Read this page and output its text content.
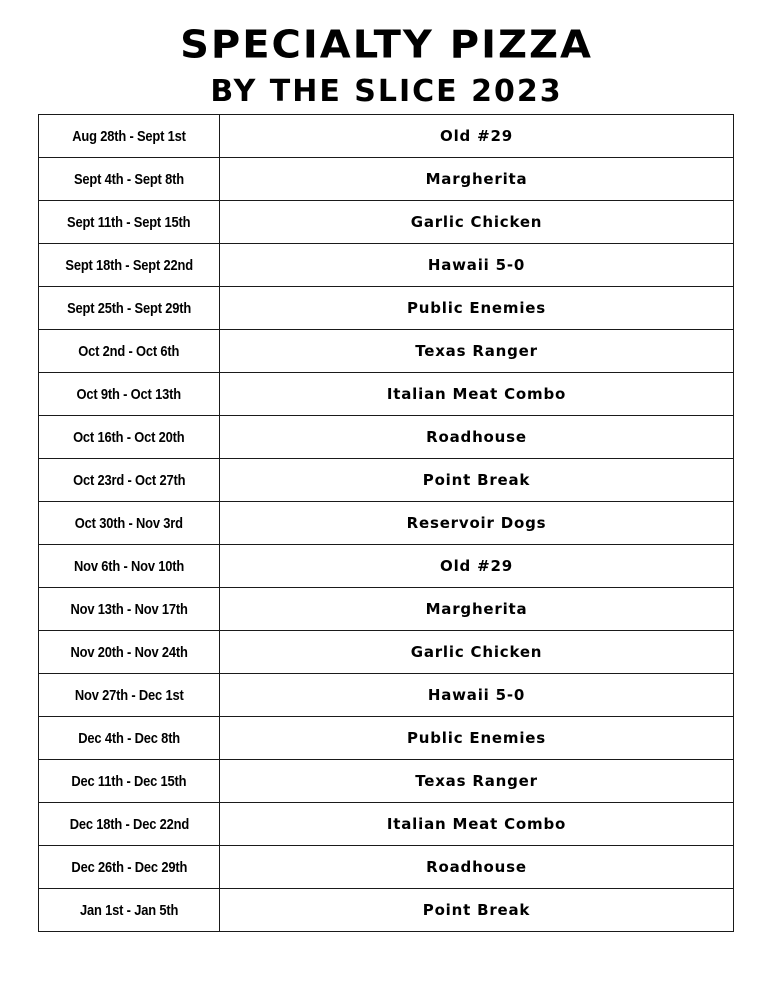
SPECIALTY PIZZA
BY THE SLICE 2023
Aug 28th - Sept 1st	Old #29
Sept 4th - Sept 8th	Margherita
Sept 11th - Sept 15th	Garlic Chicken
Sept 18th - Sept 22nd	Hawaii 5-0
Sept 25th - Sept 29th	Public Enemies
Oct 2nd - Oct 6th	Texas Ranger
Oct 9th - Oct 13th	Italian Meat Combo
Oct 16th - Oct 20th	Roadhouse
Oct 23rd - Oct 27th	Point Break
Oct 30th - Nov 3rd	Reservoir Dogs
Nov 6th - Nov 10th	Old #29
Nov 13th - Nov 17th	Margherita
Nov 20th - Nov 24th	Garlic Chicken
Nov 27th - Dec 1st	Hawaii 5-0
Dec 4th - Dec 8th	Public Enemies
Dec 11th - Dec 15th	Texas Ranger
Dec 18th - Dec 22nd	Italian Meat Combo
Dec 26th - Dec 29th	Roadhouse
Jan 1st - Jan 5th	Point Break
